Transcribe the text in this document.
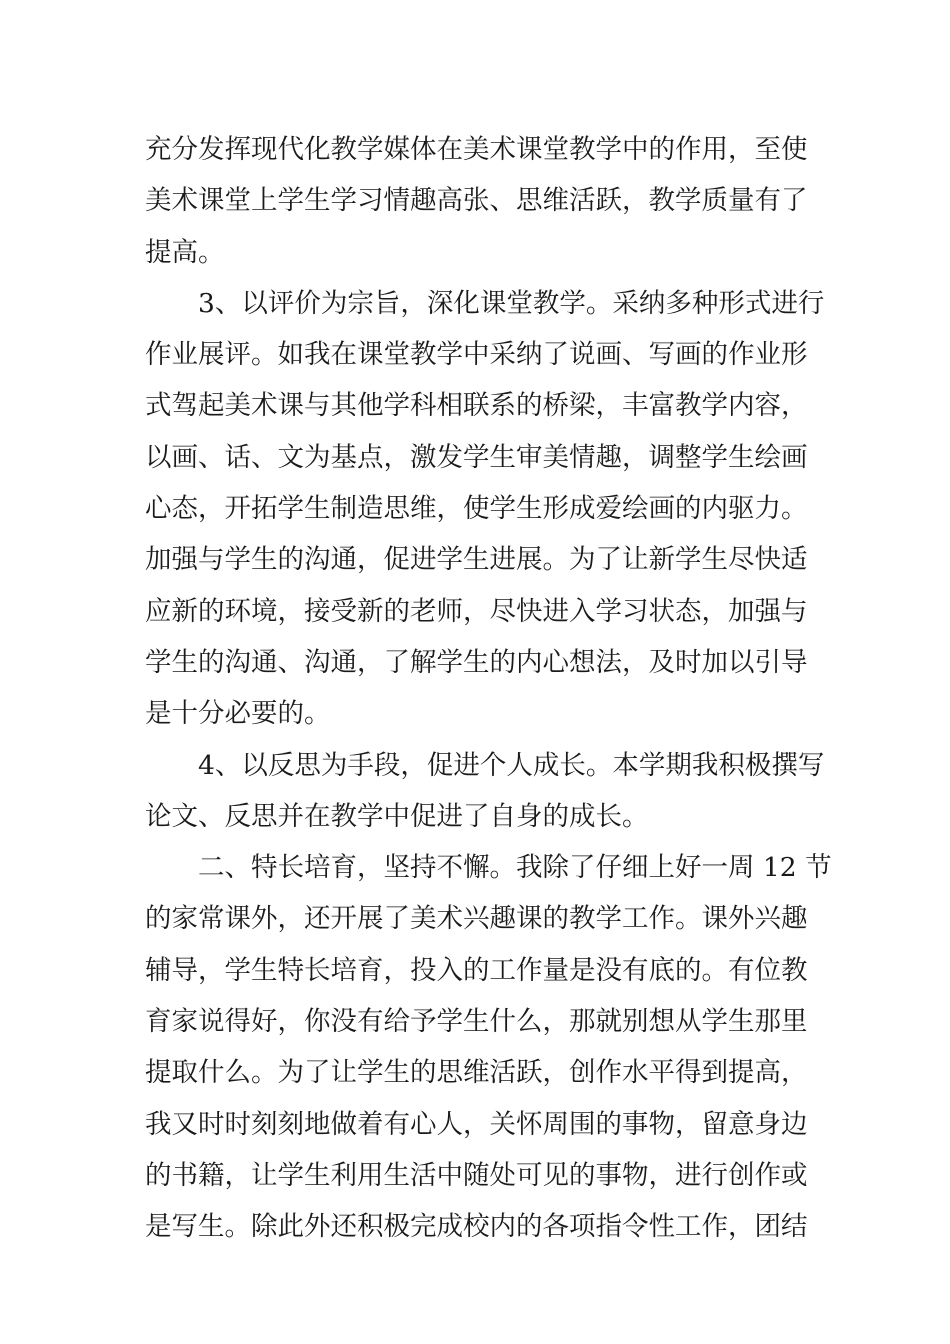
充分发挥现代化教学媒体在美术课堂教学中的作用，至使
美术课堂上学生学习情趣高张、思维活跃，教学质量有了
提高。
3、以评价为宗旨，深化课堂教学。采纳多种形式进行
作业展评。如我在课堂教学中采纳了说画、写画的作业形
式驾起美术课与其他学科相联系的桥梁，丰富教学内容，
以画、话、文为基点，激发学生审美情趣，调整学生绘画
心态，开拓学生制造思维，使学生形成爱绘画的内驱力。
加强与学生的沟通，促进学生进展。为了让新学生尽快适
应新的环境，接受新的老师，尽快进入学习状态，加强与
学生的沟通、沟通，了解学生的内心想法，及时加以引导
是十分必要的。
4、以反思为手段，促进个人成长。本学期我积极撰写
论文、反思并在教学中促进了自身的成长。
二、特长培育，坚持不懈。我除了仔细上好一周 12 节
的家常课外，还开展了美术兴趣课的教学工作。课外兴趣
辅导，学生特长培育，投入的工作量是没有底的。有位教
育家说得好，你没有给予学生什么，那就别想从学生那里
提取什么。为了让学生的思维活跃，创作水平得到提高，
我又时时刻刻地做着有心人，关怀周围的事物，留意身边
的书籍，让学生利用生活中随处可见的事物，进行创作或
是写生。除此外还积极完成校内的各项指令性工作，团结
